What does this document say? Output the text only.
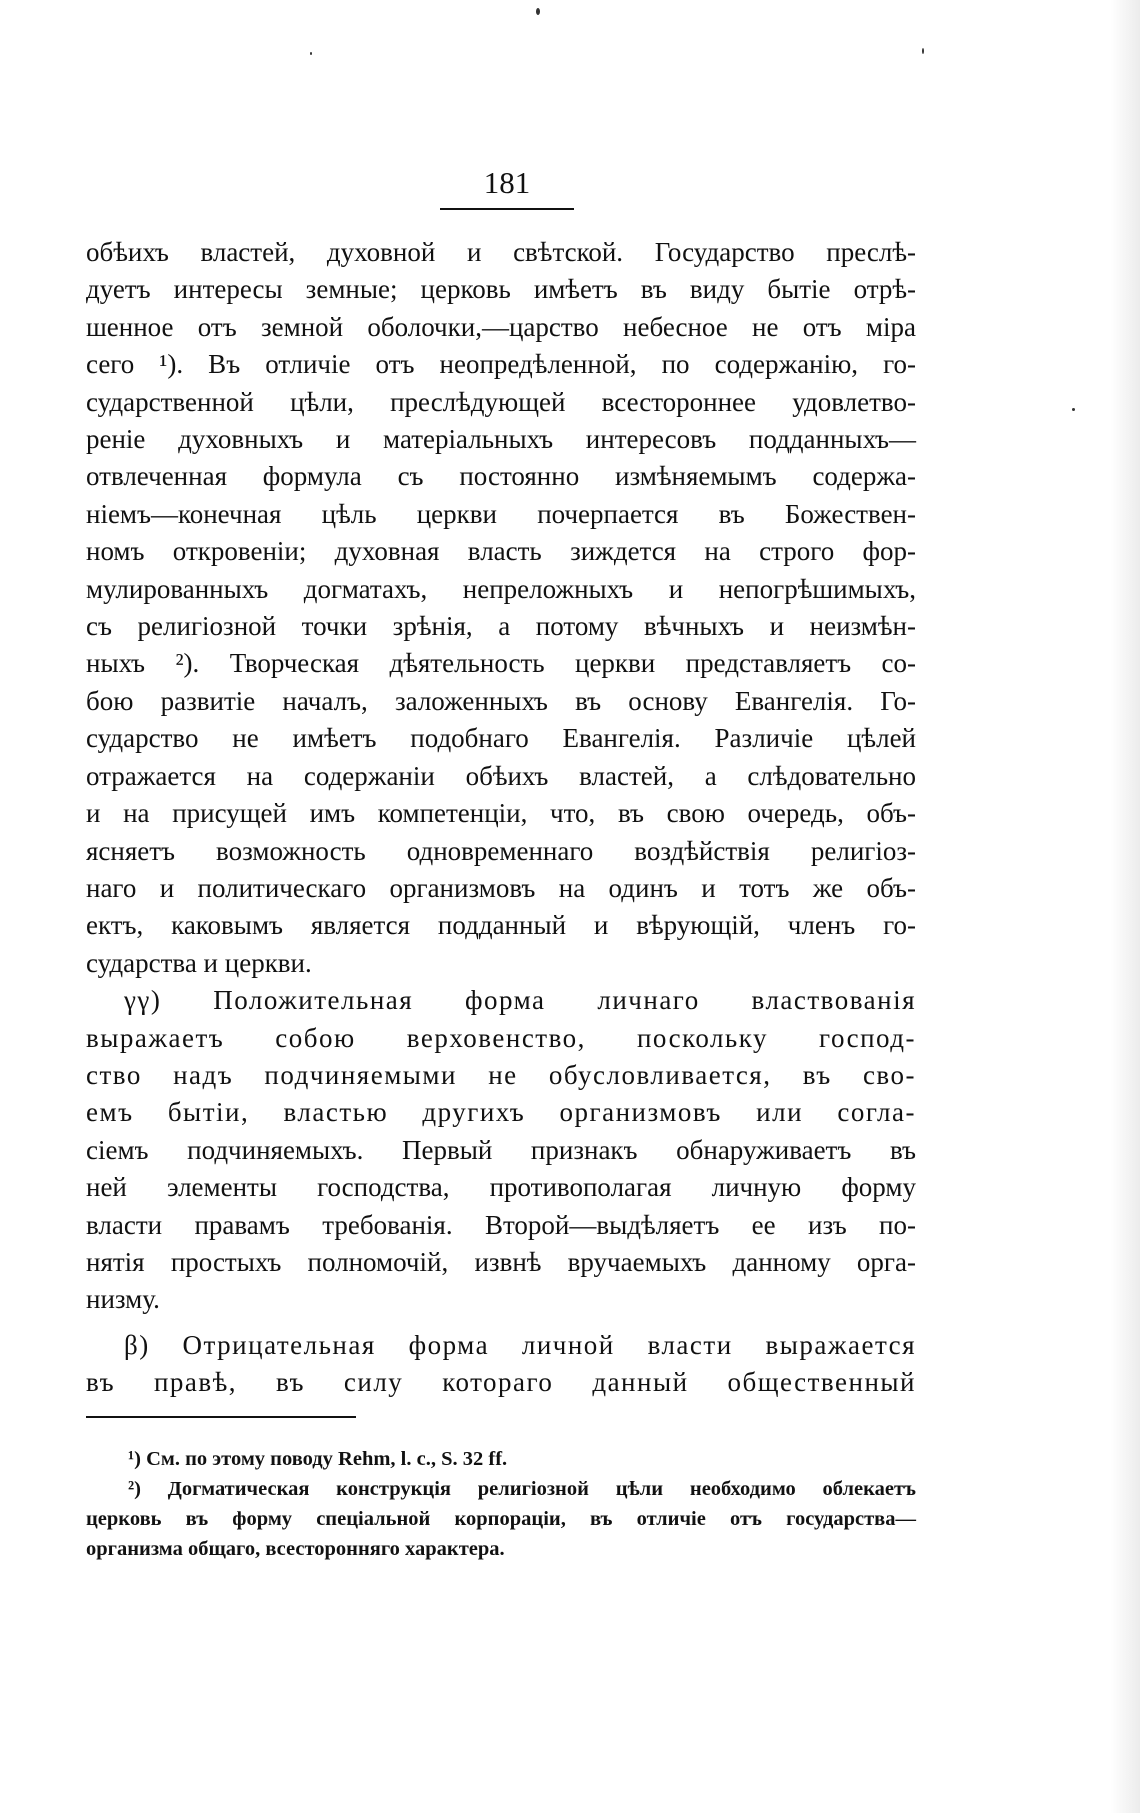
181
обѣихъ властей, духовной и свѣтской. Государство преслѣ-
дуетъ интересы земные; церковь имѣетъ въ виду бытіе отрѣ-
шенное отъ земной оболочки,—царство небесное не отъ міра
сего ¹). Въ отличіе отъ неопредѣленной, по содержанію, го-
сударственной цѣли, преслѣдующей всестороннее удовлетво-
реніе духовныхъ и матеріальныхъ интересовъ подданныхъ—
отвлеченная формула съ постоянно измѣняемымъ содержа-
ніемъ—конечная цѣль церкви почерпается въ Божествен-
номъ откровеніи; духовная власть зиждется на строго фор-
мулированныхъ догматахъ, непреложныхъ и непогрѣшимыхъ,
съ религіозной точки зрѣнія, а потому вѣчныхъ и неизмѣн-
ныхъ ²). Творческая дѣятельность церкви представляетъ со-
бою развитіе началъ, заложенныхъ въ основу Евангелія. Го-
сударство не имѣетъ подобнаго Евангелія. Различіе цѣлей
отражается на содержаніи обѣихъ властей, а слѣдовательно
и на присущей имъ компетенціи, что, въ свою очередь, объ-
ясняетъ возможность одновременнаго воздѣйствія религіоз-
наго и политическаго организмовъ на одинъ и тотъ же объ-
ектъ, каковымъ является подданный и вѣрующій, членъ го-
сударства и церкви.
γγ) Положительная форма личнаго властвованія
выражаетъ собою верховенство, поскольку господ-
ство надъ подчиняемыми не обусловливается, въ сво-
емъ бытіи, властью другихъ организмовъ или согла-
сіемъ подчиняемыхъ. Первый признакъ обнаруживаетъ въ
ней элементы господства, противополагая личную форму
власти правамъ требованія. Второй—выдѣляетъ ее изъ по-
нятія простыхъ полномочій, извнѣ вручаемыхъ данному орга-
низму.
β) Отрицательная форма личной власти выражается
въ правѣ, въ силу котораго данный общественный
¹) См. по этому поводу Rehm, l. c., S. 32 ff.
²) Догматическая конструкція религіозной цѣли необходимо облекаетъ
церковь въ форму спеціальной корпораціи, въ отличіе отъ государства—
организма общаго, всесторонняго характера.
